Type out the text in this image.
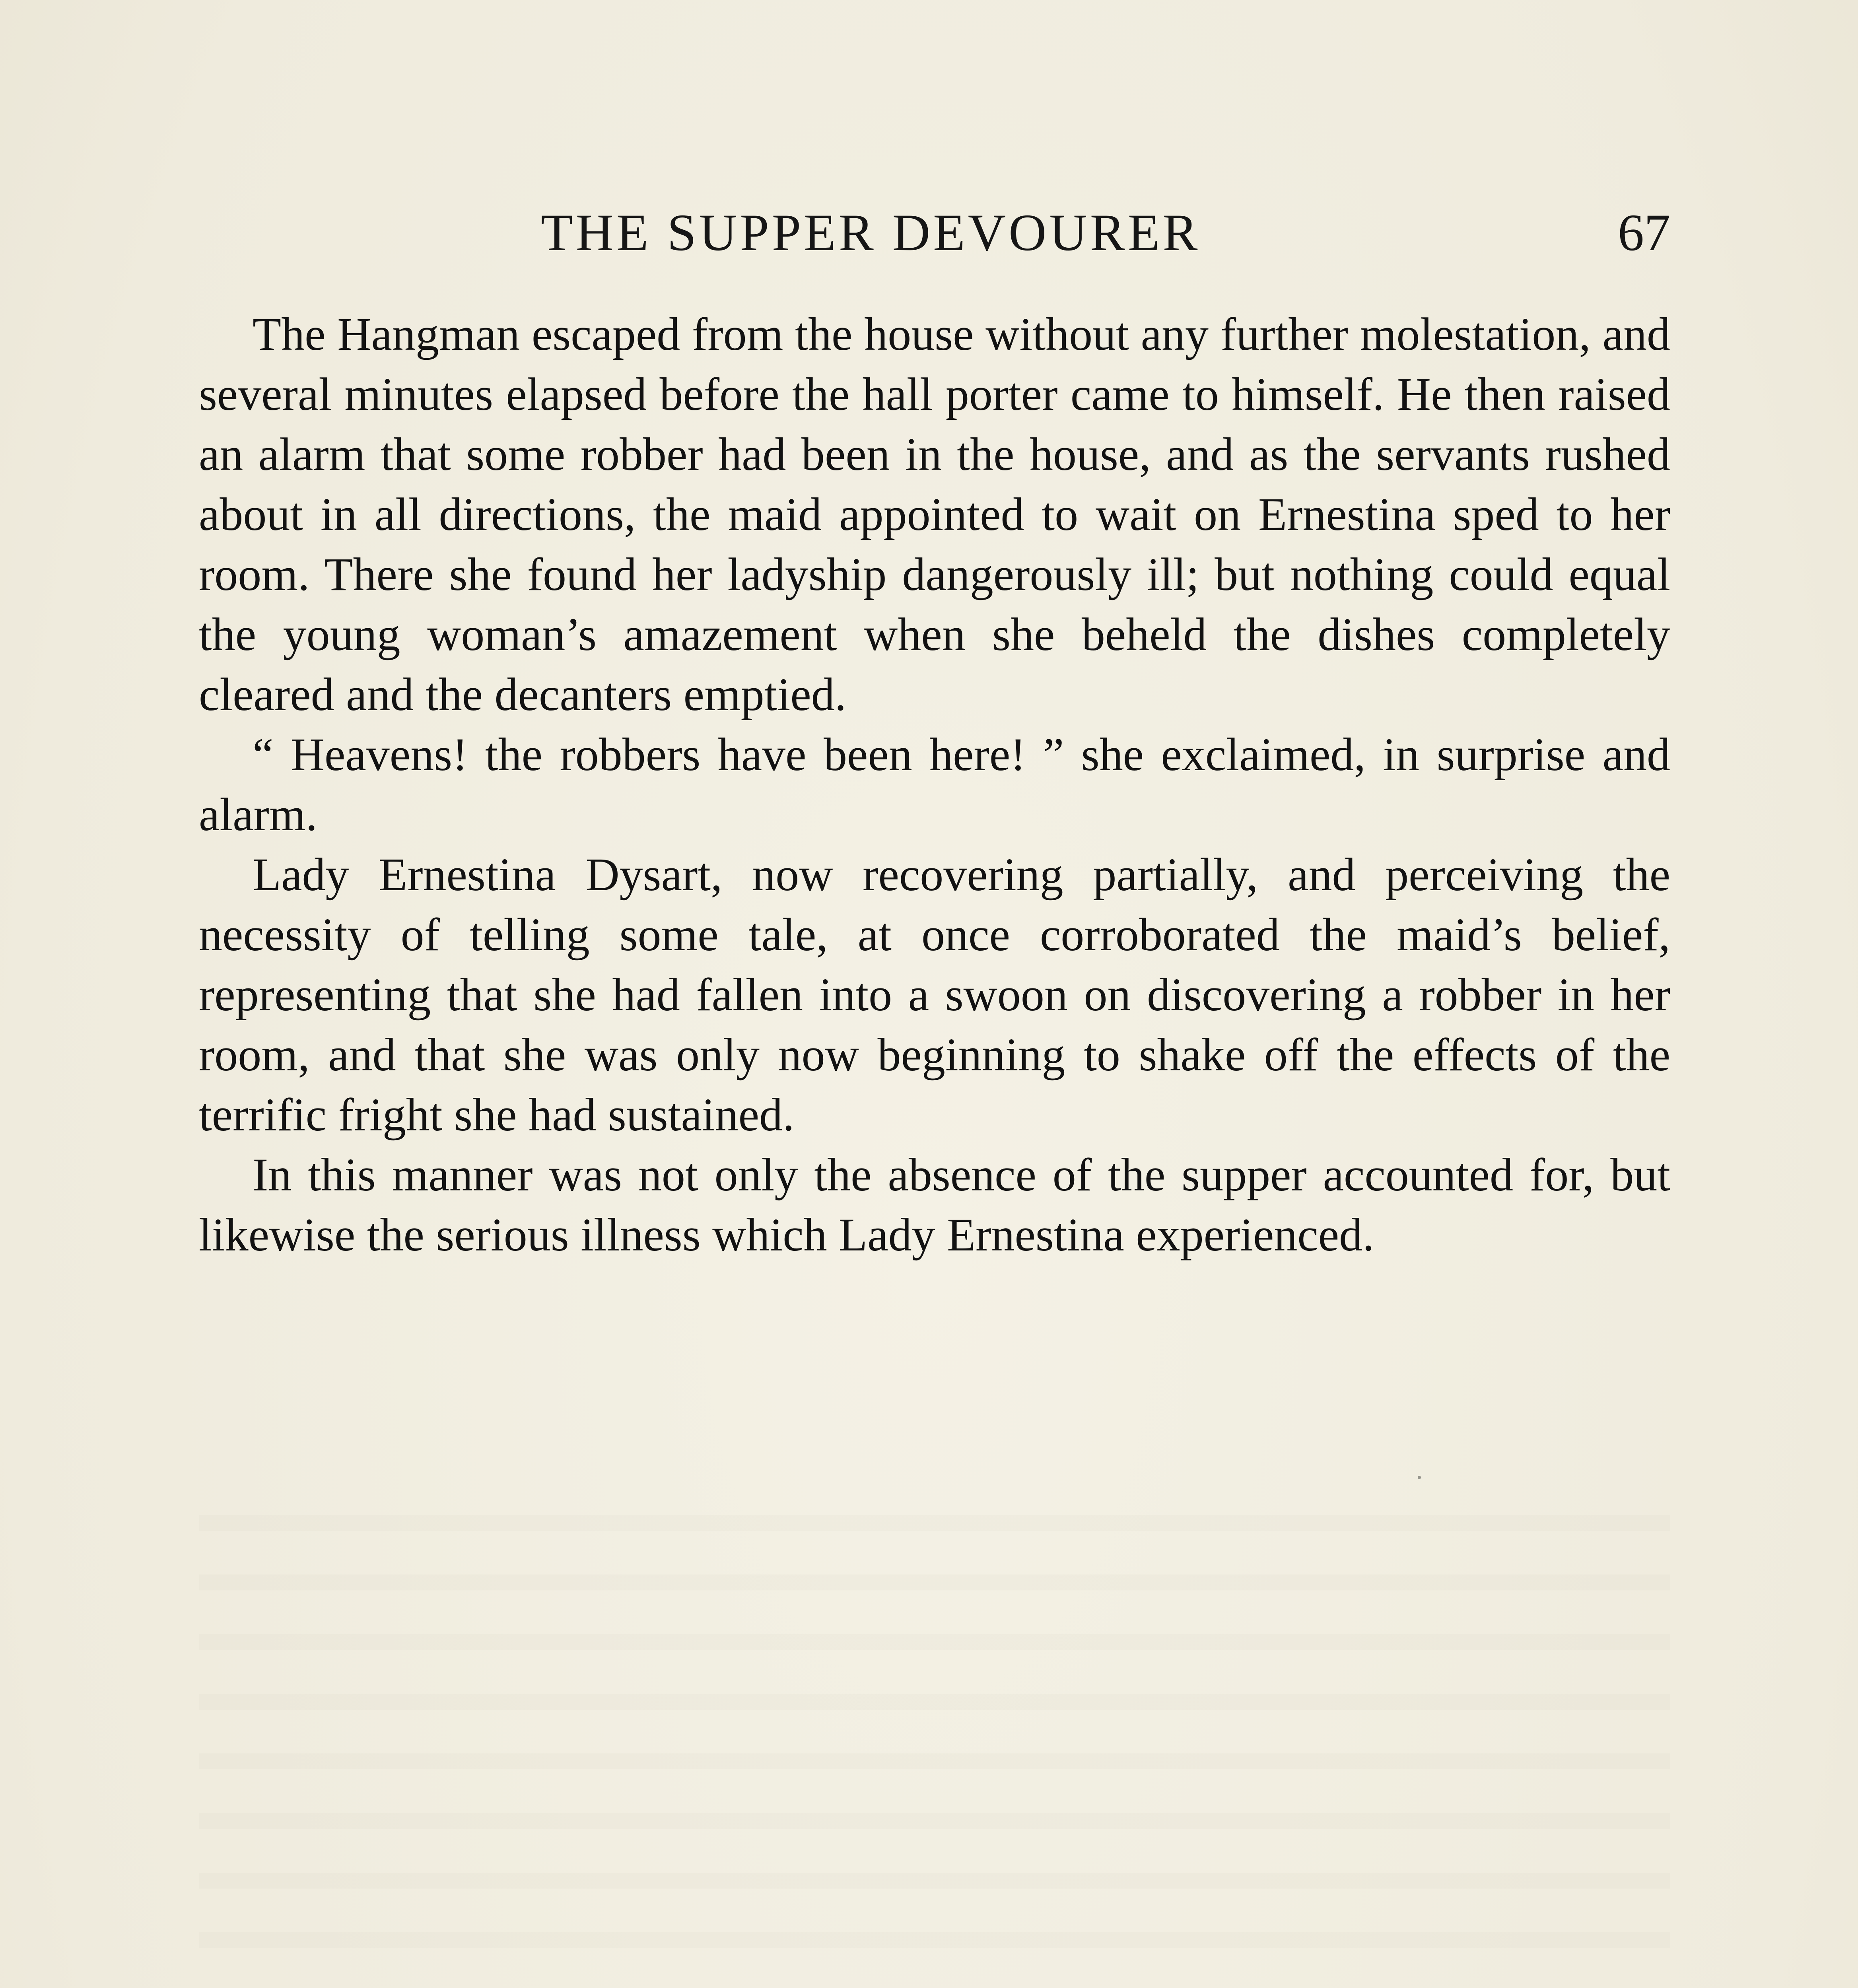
THE SUPPER DEVOURER	67

The Hangman escaped from the house without any further molestation, and several minutes elapsed before the hall porter came to himself. He then raised an alarm that some robber had been in the house, and as the servants rushed about in all directions, the maid appointed to wait on Ernestina sped to her room. There she found her ladyship dangerously ill; but nothing could equal the young woman’s amazement when she beheld the dishes completely cleared and the decanters emptied.

“ Heavens! the robbers have been here! ” she exclaimed, in surprise and alarm.

Lady Ernestina Dysart, now recovering partially, and perceiving the necessity of telling some tale, at once corroborated the maid’s belief, representing that she had fallen into a swoon on discovering a robber in her room, and that she was only now beginning to shake off the effects of the terrific fright she had sustained.

In this manner was not only the absence of the supper accounted for, but likewise the serious illness which Lady Ernestina experienced.
